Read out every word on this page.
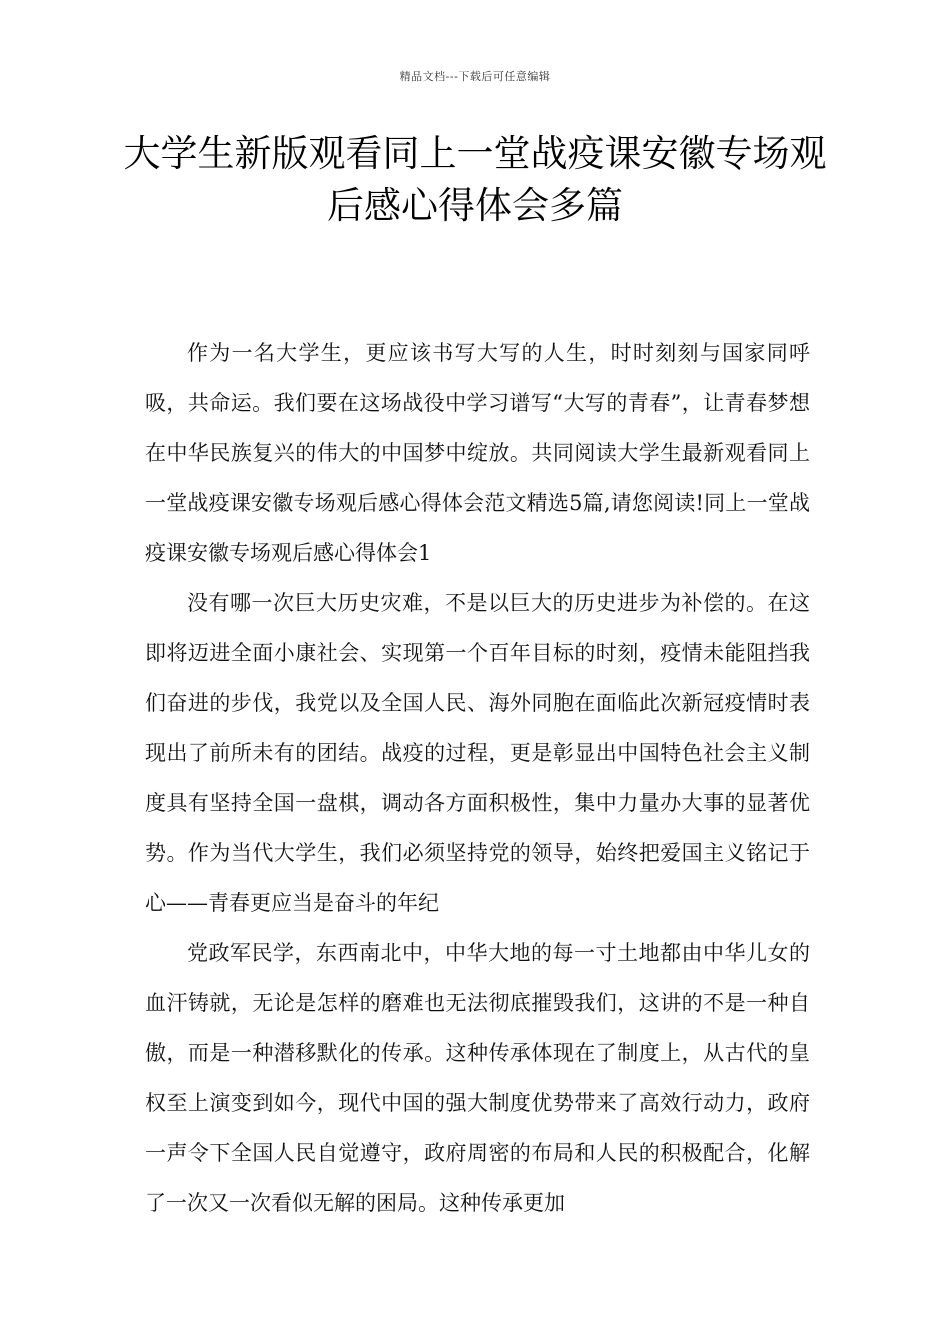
精品文档---下载后可任意编辑
大学生新版观看同上一堂战疫课安徽专场观后感心得体会多篇

作为一名大学生，更应该书写大写的人生，时时刻刻与国家同呼吸，共命运。我们要在这场战役中学习谱写“大写的青春”，让青春梦想在中华民族复兴的伟大的中国梦中绽放。共同阅读大学生最新观看同上一堂战疫课安徽专场观后感心得体会范文精选5篇,请您阅读!同上一堂战疫课安徽专场观后感心得体会1

没有哪一次巨大历史灾难，不是以巨大的历史进步为补偿的。在这即将迈进全面小康社会、实现第一个百年目标的时刻，疫情未能阻挡我们奋进的步伐，我党以及全国人民、海外同胞在面临此次新冠疫情时表现出了前所未有的团结。战疫的过程，更是彰显出中国特色社会主义制度具有坚持全国一盘棋，调动各方面积极性，集中力量办大事的显著优势。作为当代大学生，我们必须坚持党的领导，始终把爱国主义铭记于心——青春更应当是奋斗的年纪

党政军民学，东西南北中，中华大地的每一寸土地都由中华儿女的血汗铸就，无论是怎样的磨难也无法彻底摧毁我们，这讲的不是一种自傲，而是一种潜移默化的传承。这种传承体现在了制度上，从古代的皇权至上演变到如今，现代中国的强大制度优势带来了高效行动力，政府一声令下全国人民自觉遵守，政府周密的布局和人民的积极配合，化解了一次又一次看似无解的困局。这种传承更加
